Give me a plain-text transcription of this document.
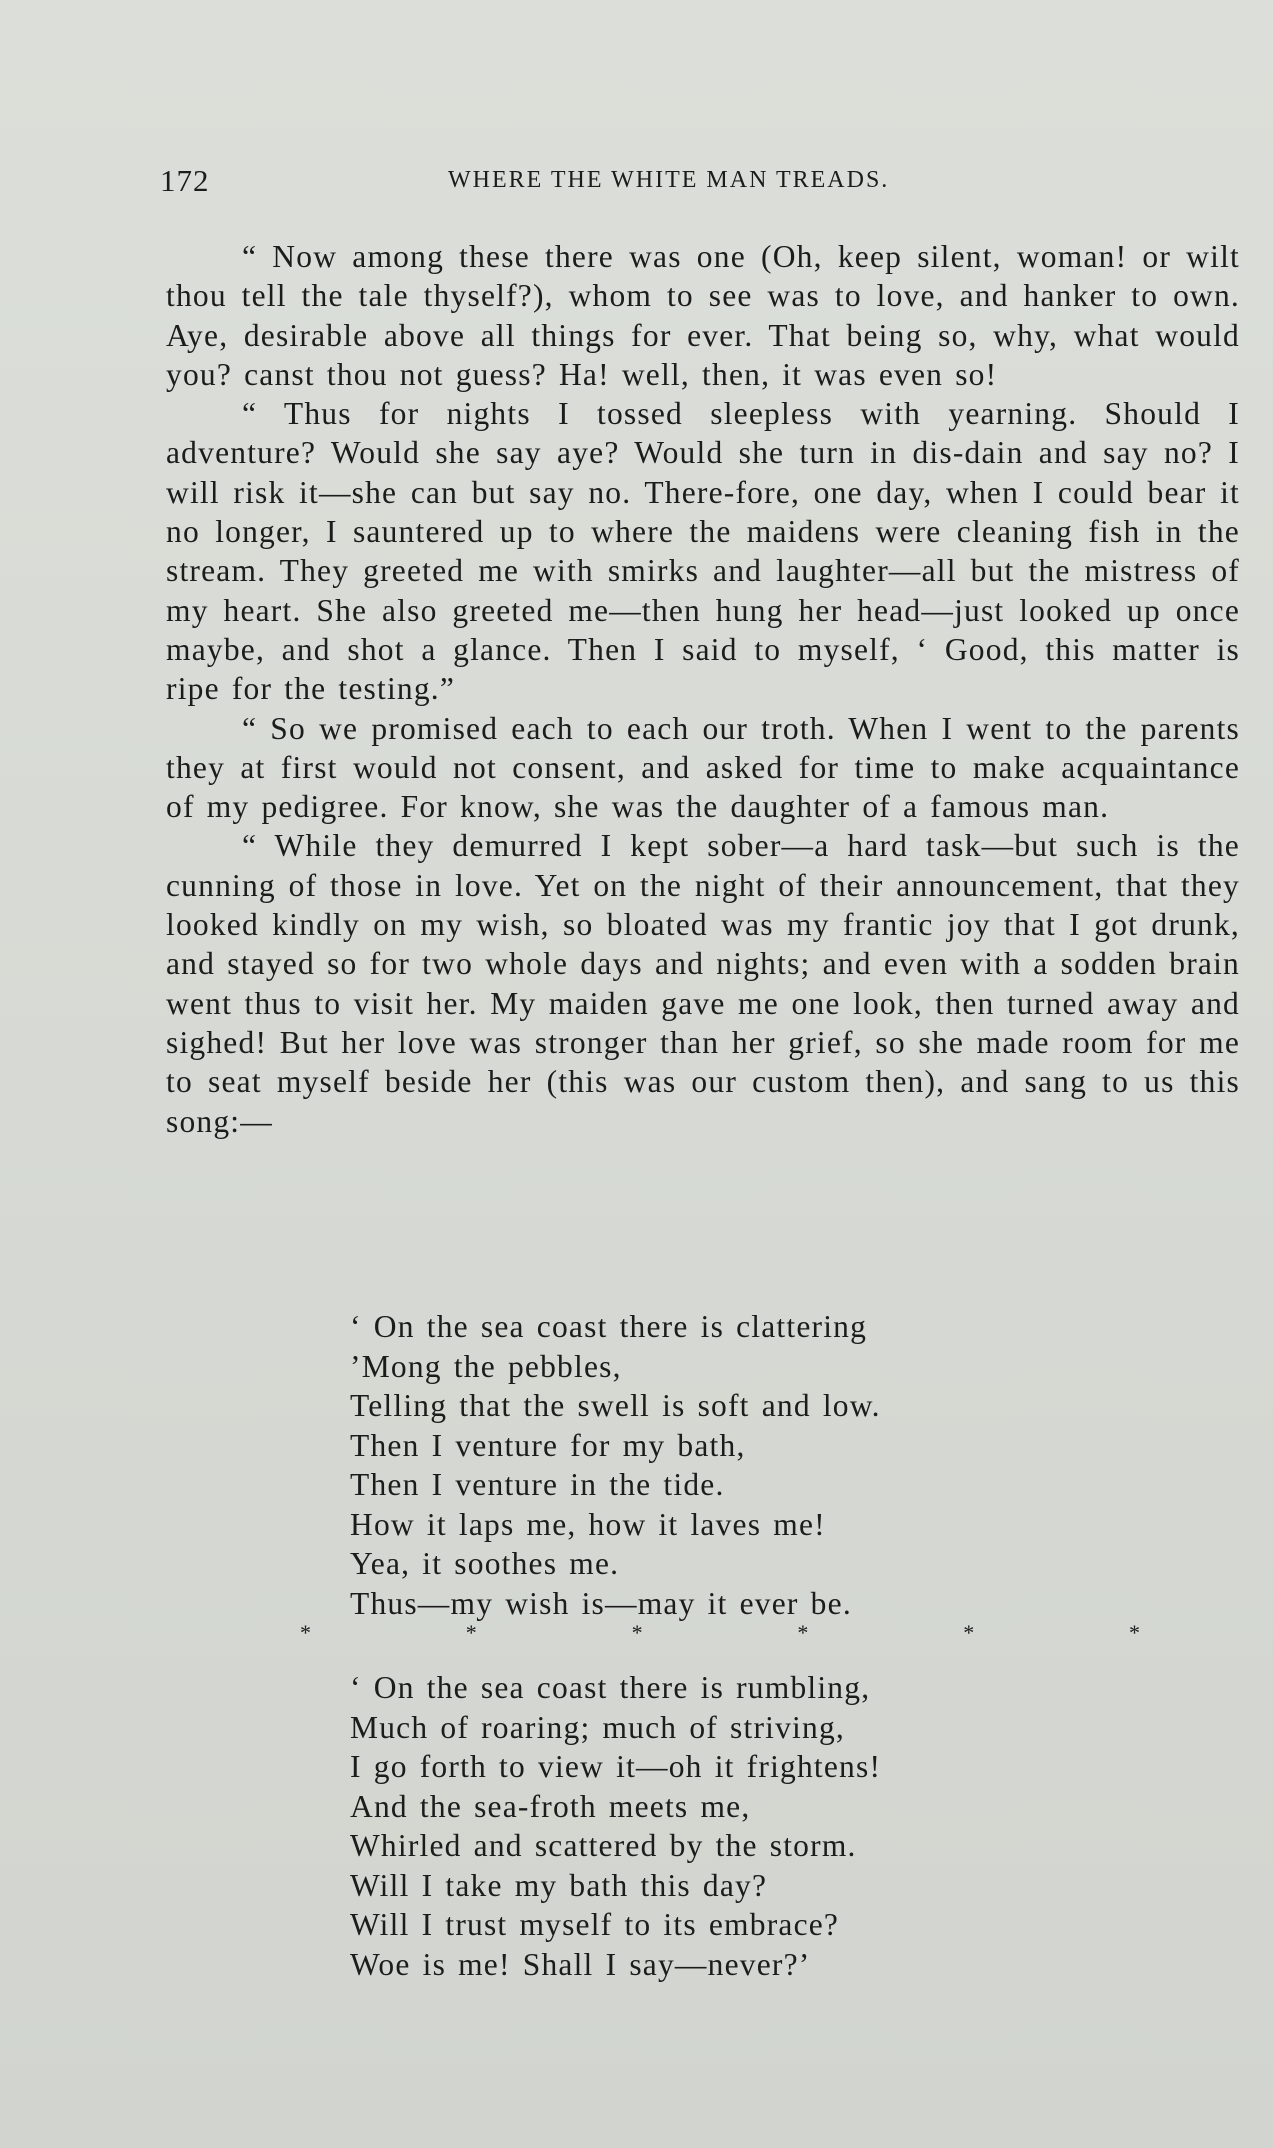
172	WHERE THE WHITE MAN TREADS.

“ Now among these there was one (Oh, keep silent, woman! or wilt thou tell the tale thyself?), whom to see was to love, and hanker to own. Aye, desirable above all things for ever. That being so, why, what would you? canst thou not guess? Ha! well, then, it was even so!

“ Thus for nights I tossed sleepless with yearning. Should I adventure? Would she say aye? Would she turn in dis-dain and say no? I will risk it—she can but say no. There-fore, one day, when I could bear it no longer, I sauntered up to where the maidens were cleaning fish in the stream. They greeted me with smirks and laughter—all but the mistress of my heart. She also greeted me—then hung her head—just looked up once maybe, and shot a glance. Then I said to myself, ‘ Good, this matter is ripe for the testing.”

“ So we promised each to each our troth. When I went to the parents they at first would not consent, and asked for time to make acquaintance of my pedigree. For know, she was the daughter of a famous man.

“ While they demurred I kept sober—a hard task—but such is the cunning of those in love. Yet on the night of their announcement, that they looked kindly on my wish, so bloated was my frantic joy that I got drunk, and stayed so for two whole days and nights; and even with a sodden brain went thus to visit her. My maiden gave me one look, then turned away and sighed! But her love was stronger than her grief, so she made room for me to seat myself beside her (this was our custom then), and sang to us this song:—

‘ On the sea coast there is clattering
’Mong the pebbles,
Telling that the swell is soft and low.
Then I venture for my bath,
Then I venture in the tide.
How it laps me, how it laves me!
Yea, it soothes me.
Thus—my wish is—may it ever be.
*	*	*	*	*	*
‘ On the sea coast there is rumbling,
Much of roaring; much of striving,
I go forth to view it—oh it frightens!
And the sea-froth meets me,
Whirled and scattered by the storm.
Will I take my bath this day?
Will I trust myself to its embrace?
Woe is me! Shall I say—never?’
